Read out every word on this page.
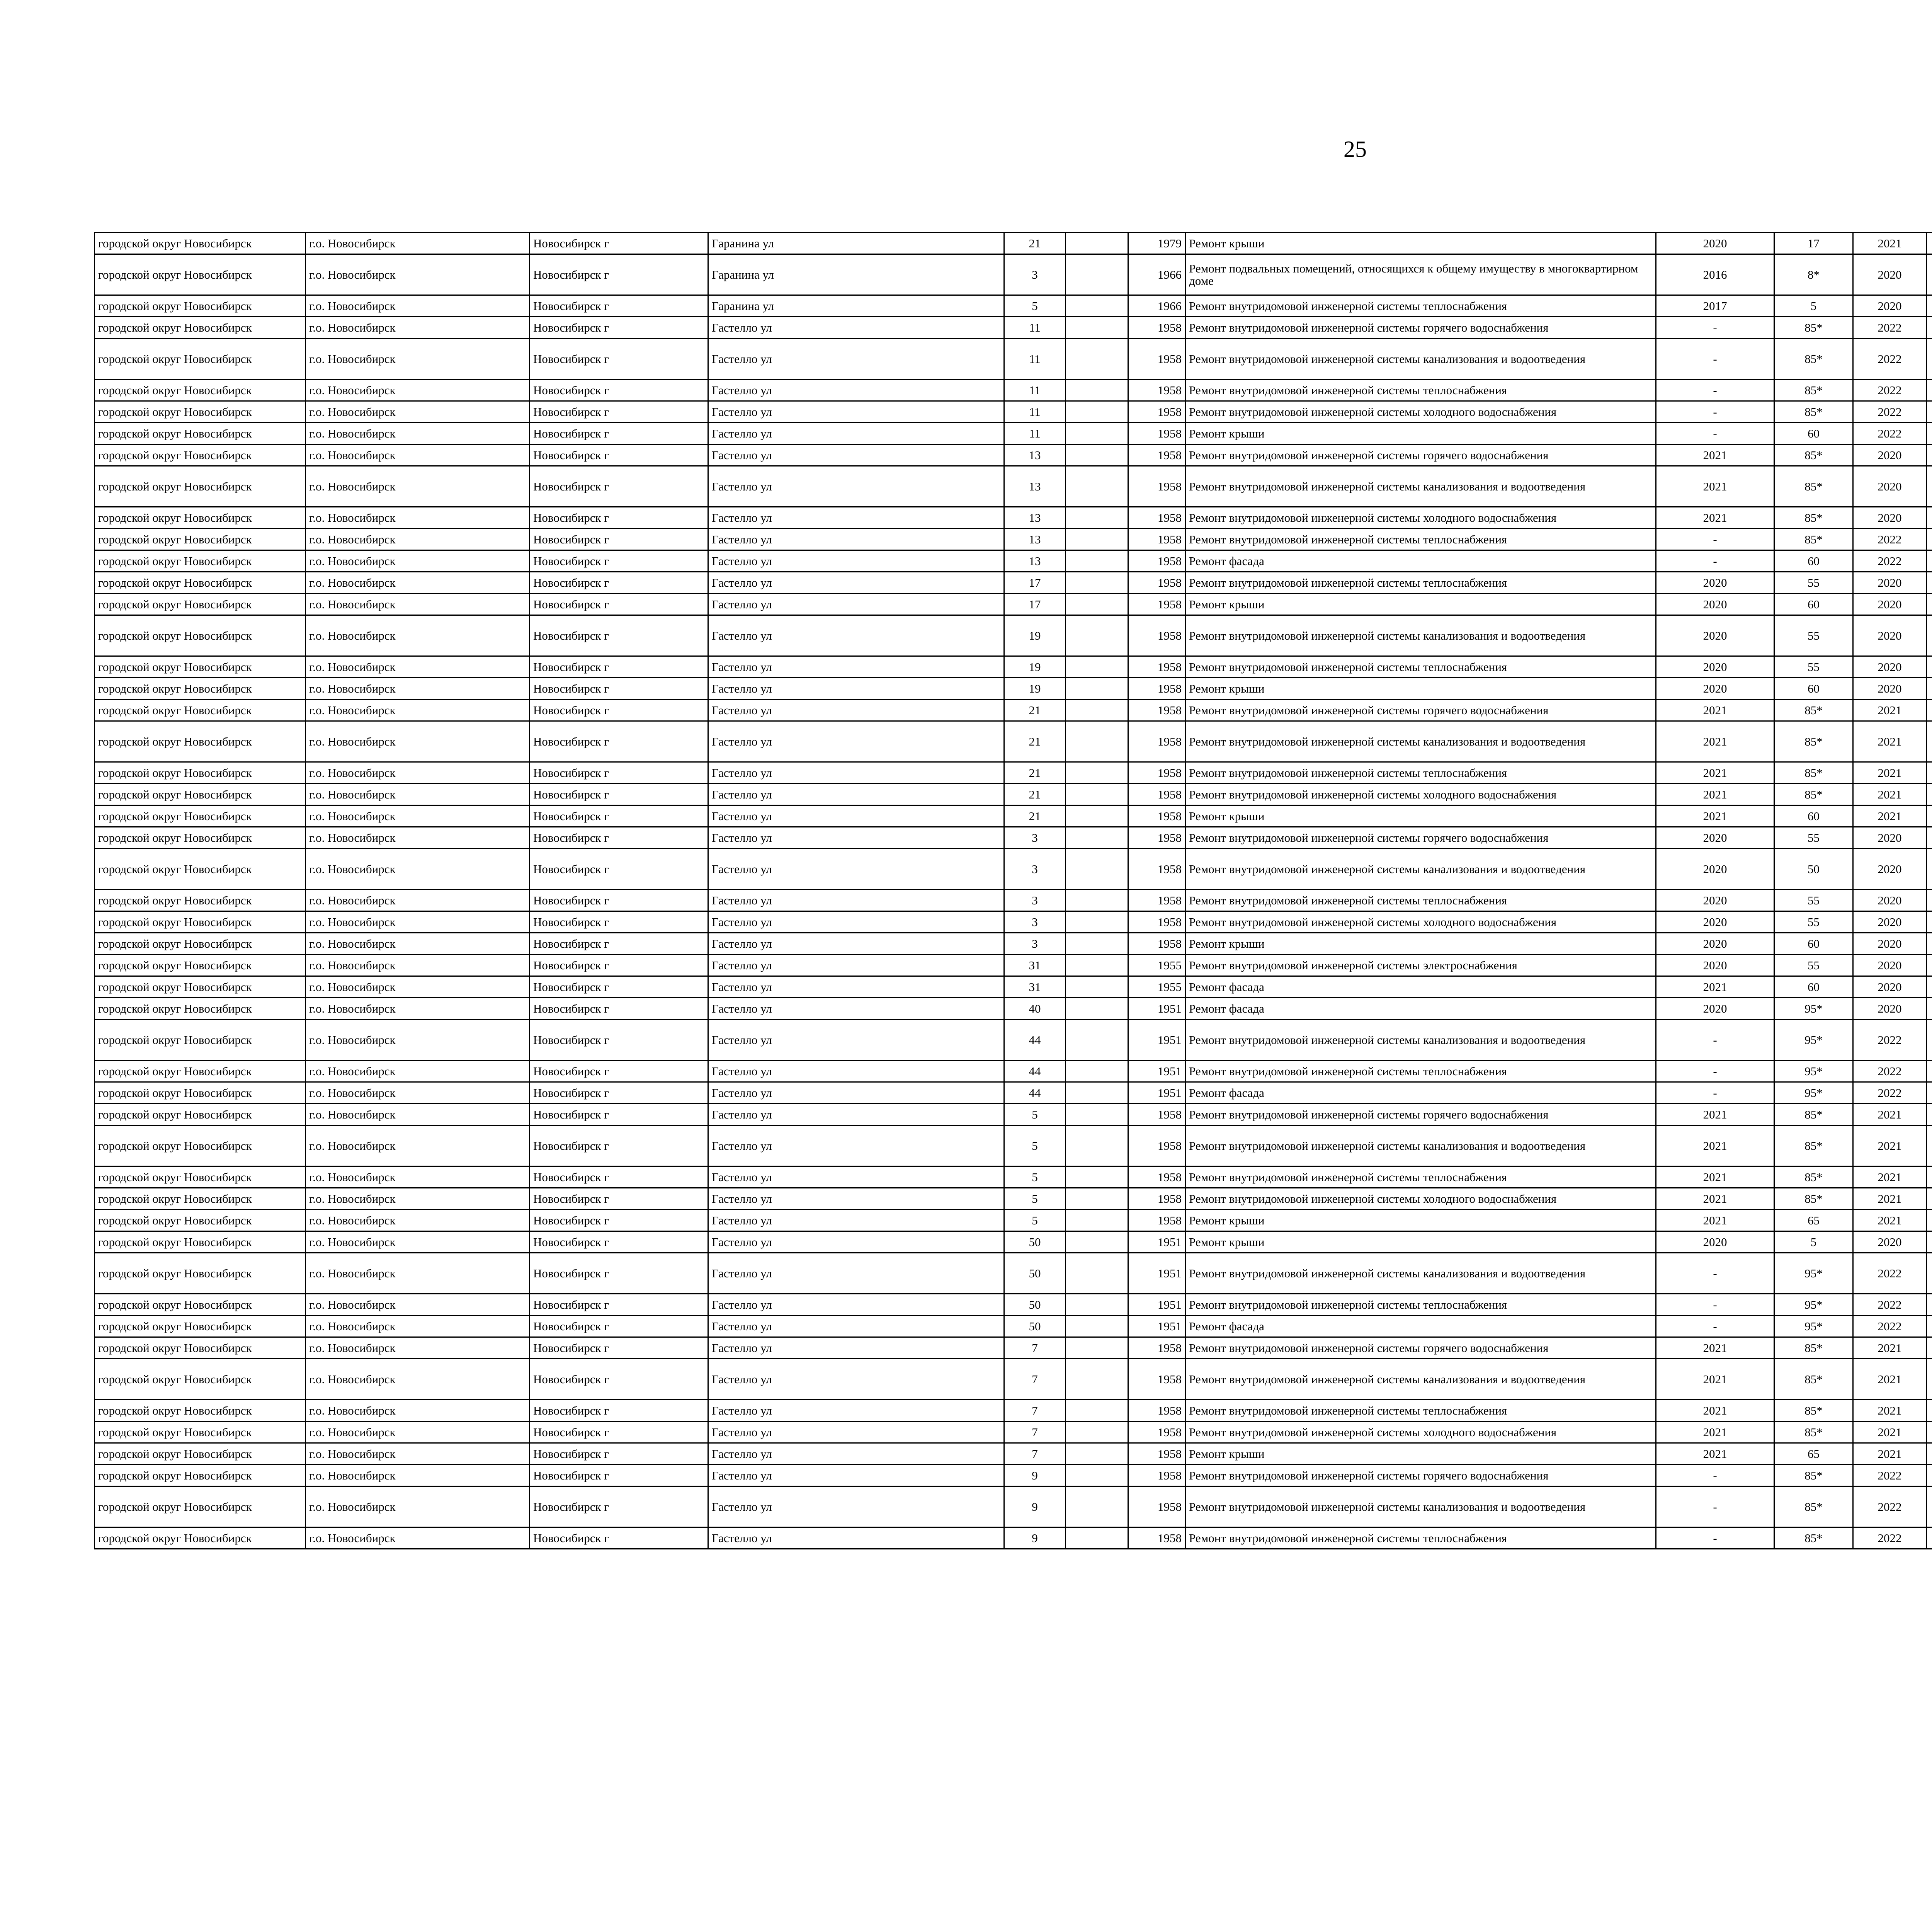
25
городской округ Новосибирск	г.о. Новосибирск	Новосибирск г	Гаранина ул	21		1979	Ремонт крыши	2020	17	2021						
городской округ Новосибирск	г.о. Новосибирск	Новосибирск г	Гаранина ул	3		1966	Ремонт подвальных помещений, относящихся к общему имуществу в многоквартирном доме	2016	8*	2020						
городской округ Новосибирск	г.о. Новосибирск	Новосибирск г	Гаранина ул	5		1966	Ремонт внутридомовой инженерной системы теплоснабжения	2017	5	2020						
городской округ Новосибирск	г.о. Новосибирск	Новосибирск г	Гастелло ул	11		1958	Ремонт внутридомовой инженерной системы горячего водоснабжения	-	85*	2022						
городской округ Новосибирск	г.о. Новосибирск	Новосибирск г	Гастелло ул	11		1958	Ремонт внутридомовой инженерной системы канализования и водоотведения	-	85*	2022						
городской округ Новосибирск	г.о. Новосибирск	Новосибирск г	Гастелло ул	11		1958	Ремонт внутридомовой инженерной системы теплоснабжения	-	85*	2022						
городской округ Новосибирск	г.о. Новосибирск	Новосибирск г	Гастелло ул	11		1958	Ремонт внутридомовой инженерной системы холодного водоснабжения	-	85*	2022						
городской округ Новосибирск	г.о. Новосибирск	Новосибирск г	Гастелло ул	11		1958	Ремонт крыши	-	60	2022						
городской округ Новосибирск	г.о. Новосибирск	Новосибирск г	Гастелло ул	13		1958	Ремонт внутридомовой инженерной системы горячего водоснабжения	2021	85*	2020						
городской округ Новосибирск	г.о. Новосибирск	Новосибирск г	Гастелло ул	13		1958	Ремонт внутридомовой инженерной системы канализования и водоотведения	2021	85*	2020						
городской округ Новосибирск	г.о. Новосибирск	Новосибирск г	Гастелло ул	13		1958	Ремонт внутридомовой инженерной системы холодного водоснабжения	2021	85*	2020						
городской округ Новосибирск	г.о. Новосибирск	Новосибирск г	Гастелло ул	13		1958	Ремонт внутридомовой инженерной системы теплоснабжения	-	85*	2022						
городской округ Новосибирск	г.о. Новосибирск	Новосибирск г	Гастелло ул	13		1958	Ремонт фасада	-	60	2022						
городской округ Новосибирск	г.о. Новосибирск	Новосибирск г	Гастелло ул	17		1958	Ремонт внутридомовой инженерной системы теплоснабжения	2020	55	2020						
городской округ Новосибирск	г.о. Новосибирск	Новосибирск г	Гастелло ул	17		1958	Ремонт крыши	2020	60	2020						
городской округ Новосибирск	г.о. Новосибирск	Новосибирск г	Гастелло ул	19		1958	Ремонт внутридомовой инженерной системы канализования и водоотведения	2020	55	2020						
городской округ Новосибирск	г.о. Новосибирск	Новосибирск г	Гастелло ул	19		1958	Ремонт внутридомовой инженерной системы теплоснабжения	2020	55	2020						
городской округ Новосибирск	г.о. Новосибирск	Новосибирск г	Гастелло ул	19		1958	Ремонт крыши	2020	60	2020						
городской округ Новосибирск	г.о. Новосибирск	Новосибирск г	Гастелло ул	21		1958	Ремонт внутридомовой инженерной системы горячего водоснабжения	2021	85*	2021						
городской округ Новосибирск	г.о. Новосибирск	Новосибирск г	Гастелло ул	21		1958	Ремонт внутридомовой инженерной системы канализования и водоотведения	2021	85*	2021						
городской округ Новосибирск	г.о. Новосибирск	Новосибирск г	Гастелло ул	21		1958	Ремонт внутридомовой инженерной системы теплоснабжения	2021	85*	2021						
городской округ Новосибирск	г.о. Новосибирск	Новосибирск г	Гастелло ул	21		1958	Ремонт внутридомовой инженерной системы холодного водоснабжения	2021	85*	2021						
городской округ Новосибирск	г.о. Новосибирск	Новосибирск г	Гастелло ул	21		1958	Ремонт крыши	2021	60	2021						
городской округ Новосибирск	г.о. Новосибирск	Новосибирск г	Гастелло ул	3		1958	Ремонт внутридомовой инженерной системы горячего водоснабжения	2020	55	2020						
городской округ Новосибирск	г.о. Новосибирск	Новосибирск г	Гастелло ул	3		1958	Ремонт внутридомовой инженерной системы канализования и водоотведения	2020	50	2020						
городской округ Новосибирск	г.о. Новосибирск	Новосибирск г	Гастелло ул	3		1958	Ремонт внутридомовой инженерной системы теплоснабжения	2020	55	2020						
городской округ Новосибирск	г.о. Новосибирск	Новосибирск г	Гастелло ул	3		1958	Ремонт внутридомовой инженерной системы холодного водоснабжения	2020	55	2020						
городской округ Новосибирск	г.о. Новосибирск	Новосибирск г	Гастелло ул	3		1958	Ремонт крыши	2020	60	2020						
городской округ Новосибирск	г.о. Новосибирск	Новосибирск г	Гастелло ул	31		1955	Ремонт внутридомовой инженерной системы электроснабжения	2020	55	2020						
городской округ Новосибирск	г.о. Новосибирск	Новосибирск г	Гастелло ул	31		1955	Ремонт фасада	2021	60	2020						
городской округ Новосибирск	г.о. Новосибирск	Новосибирск г	Гастелло ул	40		1951	Ремонт фасада	2020	95*	2020						
городской округ Новосибирск	г.о. Новосибирск	Новосибирск г	Гастелло ул	44		1951	Ремонт внутридомовой инженерной системы канализования и водоотведения	-	95*	2022						
городской округ Новосибирск	г.о. Новосибирск	Новосибирск г	Гастелло ул	44		1951	Ремонт внутридомовой инженерной системы теплоснабжения	-	95*	2022						
городской округ Новосибирск	г.о. Новосибирск	Новосибирск г	Гастелло ул	44		1951	Ремонт фасада	-	95*	2022						
городской округ Новосибирск	г.о. Новосибирск	Новосибирск г	Гастелло ул	5		1958	Ремонт внутридомовой инженерной системы горячего водоснабжения	2021	85*	2021						
городской округ Новосибирск	г.о. Новосибирск	Новосибирск г	Гастелло ул	5		1958	Ремонт внутридомовой инженерной системы канализования и водоотведения	2021	85*	2021						
городской округ Новосибирск	г.о. Новосибирск	Новосибирск г	Гастелло ул	5		1958	Ремонт внутридомовой инженерной системы теплоснабжения	2021	85*	2021						
городской округ Новосибирск	г.о. Новосибирск	Новосибирск г	Гастелло ул	5		1958	Ремонт внутридомовой инженерной системы холодного водоснабжения	2021	85*	2021						
городской округ Новосибирск	г.о. Новосибирск	Новосибирск г	Гастелло ул	5		1958	Ремонт крыши	2021	65	2021						
городской округ Новосибирск	г.о. Новосибирск	Новосибирск г	Гастелло ул	50		1951	Ремонт крыши	2020	5	2020						
городской округ Новосибирск	г.о. Новосибирск	Новосибирск г	Гастелло ул	50		1951	Ремонт внутридомовой инженерной системы канализования и водоотведения	-	95*	2022						
городской округ Новосибирск	г.о. Новосибирск	Новосибирск г	Гастелло ул	50		1951	Ремонт внутридомовой инженерной системы теплоснабжения	-	95*	2022						
городской округ Новосибирск	г.о. Новосибирск	Новосибирск г	Гастелло ул	50		1951	Ремонт фасада	-	95*	2022						
городской округ Новосибирск	г.о. Новосибирск	Новосибирск г	Гастелло ул	7		1958	Ремонт внутридомовой инженерной системы горячего водоснабжения	2021	85*	2021						
городской округ Новосибирск	г.о. Новосибирск	Новосибирск г	Гастелло ул	7		1958	Ремонт внутридомовой инженерной системы канализования и водоотведения	2021	85*	2021						
городской округ Новосибирск	г.о. Новосибирск	Новосибирск г	Гастелло ул	7		1958	Ремонт внутридомовой инженерной системы теплоснабжения	2021	85*	2021						
городской округ Новосибирск	г.о. Новосибирск	Новосибирск г	Гастелло ул	7		1958	Ремонт внутридомовой инженерной системы холодного водоснабжения	2021	85*	2021						
городской округ Новосибирск	г.о. Новосибирск	Новосибирск г	Гастелло ул	7		1958	Ремонт крыши	2021	65	2021						
городской округ Новосибирск	г.о. Новосибирск	Новосибирск г	Гастелло ул	9		1958	Ремонт внутридомовой инженерной системы горячего водоснабжения	-	85*	2022						
городской округ Новосибирск	г.о. Новосибирск	Новосибирск г	Гастелло ул	9		1958	Ремонт внутридомовой инженерной системы канализования и водоотведения	-	85*	2022						
городской округ Новосибирск	г.о. Новосибирск	Новосибирск г	Гастелло ул	9		1958	Ремонт внутридомовой инженерной системы теплоснабжения	-	85*	2022						
